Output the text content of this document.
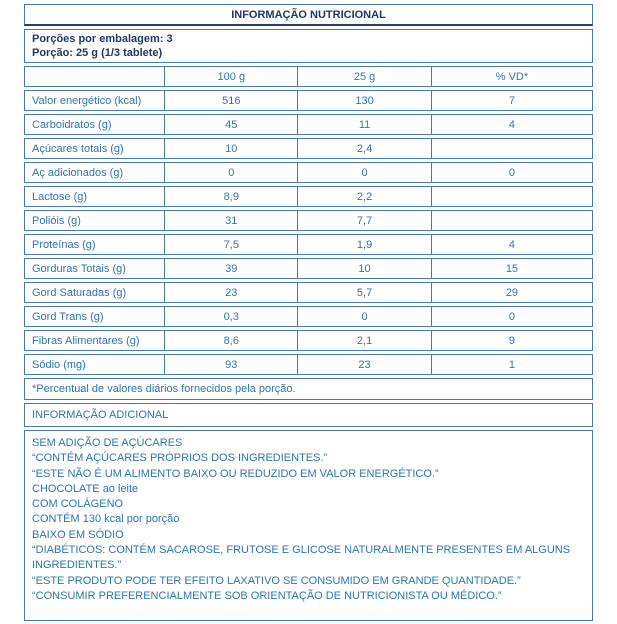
INFORMAÇÃO NUTRICIONAL
Porções por embalagem: 3
Porção: 25 g (1/3 tablete)
100 g	25 g	% VD*
Valor energético (kcal)	516	130	7
Carboidratos (g)	45	11	4
Açúcares totais (g)	10	2,4
Aç adicionados (g)	0	0	0
Lactose (g)	8,9	2,2
Polióis (g)	31	7,7
Proteínas (g)	7,5	1,9	4
Gorduras Totais (g)	39	10	15
Gord Saturadas (g)	23	5,7	29
Gord Trans (g)	0,3	0	0
Fibras Alimentares (g)	8,6	2,1	9
Sódio (mg)	93	23	1
*Percentual de valores diários fornecidos pela porção.
INFORMAÇÃO ADICIONAL

SEM ADIÇÃO DE AÇÚCARES

“CONTÉM AÇÚCARES PRÓPRIOS DOS INGREDIENTES.”

“ESTE NÃO É UM ALIMENTO BAIXO OU REDUZIDO EM VALOR ENERGÉTICO.”

CHOCOLATE ao leite

COM COLÁGENO

CONTÉM 130 kcal por porção

BAIXO EM SÓDIO

“DIABÉTICOS: CONTÉM SACAROSE, FRUTOSE E GLICOSE NATURALMENTE PRESENTES EM ALGUNS INGREDIENTES.”

“ESTE PRODUTO PODE TER EFEITO LAXATIVO SE CONSUMIDO EM GRANDE QUANTIDADE.”

“CONSUMIR PREFERENCIALMENTE SOB ORIENTAÇÃO DE NUTRICIONISTA OU MÉDICO.”
